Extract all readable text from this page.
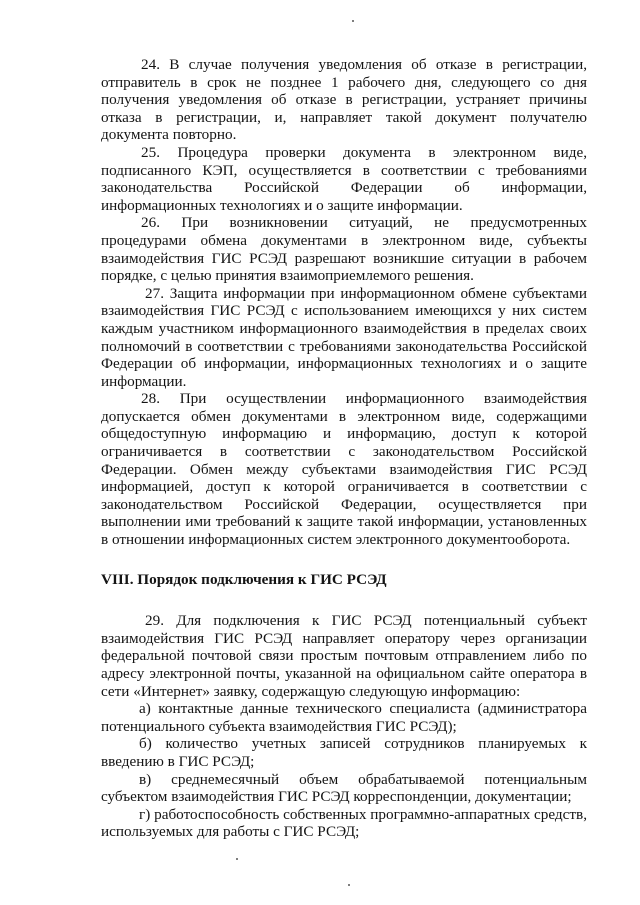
24. В случае получения уведомления об отказе в регистрации, отправитель в срок не позднее 1 рабочего дня, следующего со дня получения уведомления об отказе в регистрации, устраняет причины отказа в регистрации, и, направляет такой документ получателю документа повторно.

25. Процедура проверки документа в электронном виде, подписанного КЭП, осуществляется в соответствии с требованиями законодательства Российской Федерации об информации, информационных технологиях и о защите информации.

26. При возникновении ситуаций, не предусмотренных процедурами обмена документами в электронном виде, субъекты взаимодействия ГИС РСЭД разрешают возникшие ситуации в рабочем порядке, с целью принятия взаимоприемлемого решения.

27. Защита информации при информационном обмене субъектами взаимодействия ГИС РСЭД с использованием имеющихся у них систем каждым участником информационного взаимодействия в пределах своих полномочий в соответствии с требованиями законодательства Российской Федерации об информации, информационных технологиях и о защите информации.

28. При осуществлении информационного взаимодействия допускается обмен документами в электронном виде, содержащими общедоступную информацию и информацию, доступ к которой ограничивается в соответствии с законодательством Российской Федерации. Обмен между субъектами взаимодействия ГИС РСЭД информацией, доступ к которой ограничивается в соответствии с законодательством Российской Федерации, осуществляется при выполнении ими требований к защите такой информации, установленных в отношении информационных систем электронного документооборота.

VIII. Порядок подключения к ГИС РСЭД

29. Для подключения к ГИС РСЭД потенциальный субъект взаимодействия ГИС РСЭД направляет оператору через организации федеральной почтовой связи простым почтовым отправлением либо по адресу электронной почты, указанной на официальном сайте оператора в сети «Интернет» заявку, содержащую следующую информацию:

а) контактные данные технического специалиста (администратора потенциального субъекта взаимодействия ГИС РСЭД);

б) количество учетных записей сотрудников планируемых к введению в ГИС РСЭД;

в) среднемесячный объем обрабатываемой потенциальным субъектом взаимодействия ГИС РСЭД корреспонденции, документации;

г) работоспособность собственных программно-аппаратных средств, используемых для работы с ГИС РСЭД;
